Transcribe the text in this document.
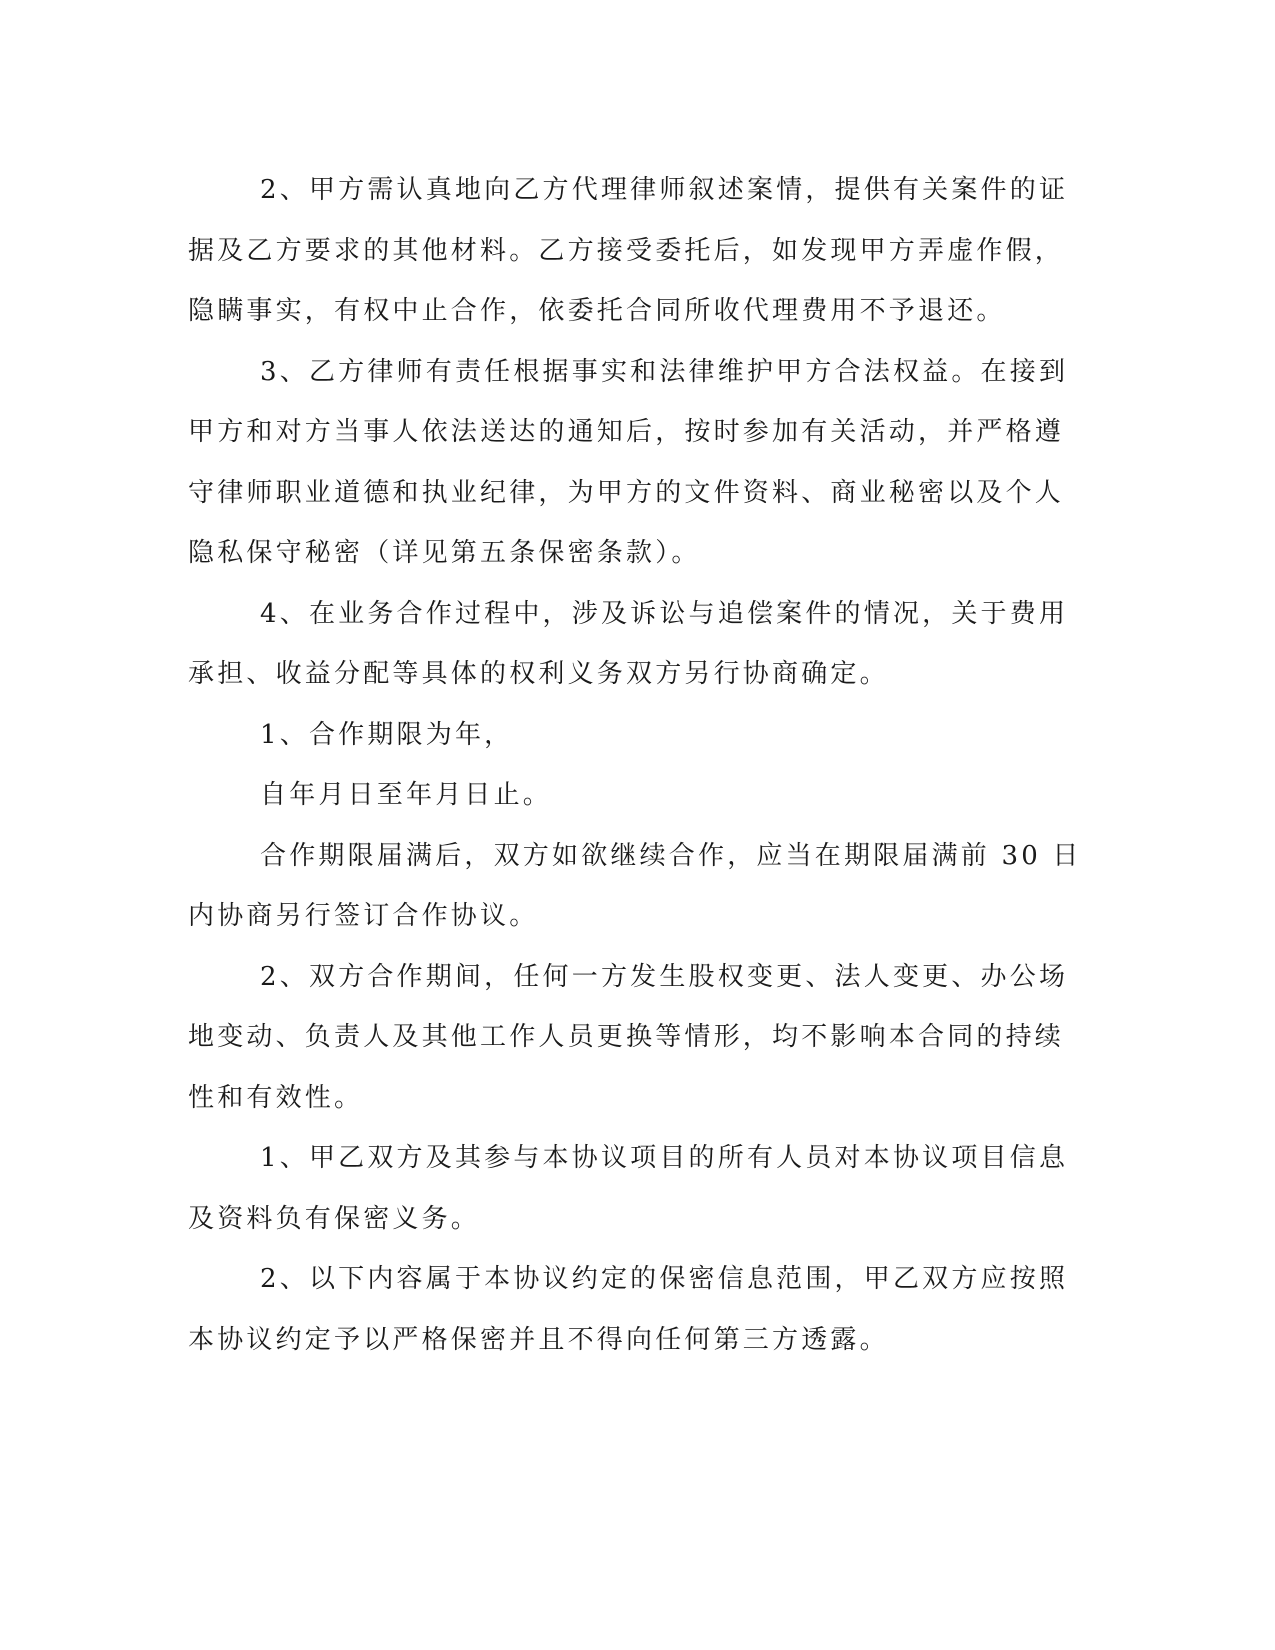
2、甲方需认真地向乙方代理律师叙述案情，提供有关案件的证
据及乙方要求的其他材料。乙方接受委托后，如发现甲方弄虚作假，
隐瞒事实，有权中止合作，依委托合同所收代理费用不予退还。
3、乙方律师有责任根据事实和法律维护甲方合法权益。在接到
甲方和对方当事人依法送达的通知后，按时参加有关活动，并严格遵
守律师职业道德和执业纪律，为甲方的文件资料、商业秘密以及个人
隐私保守秘密（详见第五条保密条款）。
4、在业务合作过程中，涉及诉讼与追偿案件的情况，关于费用
承担、收益分配等具体的权利义务双方另行协商确定。
1、合作期限为年，
自年月日至年月日止。
合作期限届满后，双方如欲继续合作，应当在期限届满前 30 日
内协商另行签订合作协议。
2、双方合作期间，任何一方发生股权变更、法人变更、办公场
地变动、负责人及其他工作人员更换等情形，均不影响本合同的持续
性和有效性。
1、甲乙双方及其参与本协议项目的所有人员对本协议项目信息
及资料负有保密义务。
2、以下内容属于本协议约定的保密信息范围，甲乙双方应按照
本协议约定予以严格保密并且不得向任何第三方透露。
